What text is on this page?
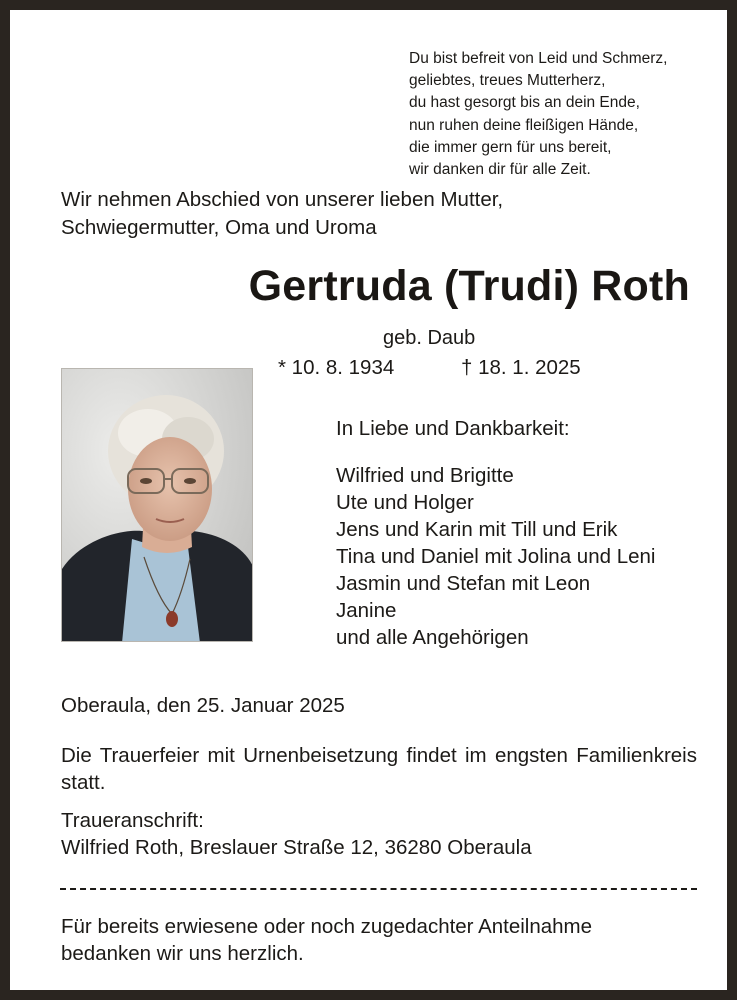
Du bist befreit von Leid und Schmerz,
geliebtes, treues Mutterherz,
du hast gesorgt bis an dein Ende,
nun ruhen deine fleißigen Hände,
die immer gern für uns bereit,
wir danken dir für alle Zeit.
Wir nehmen Abschied von unserer lieben Mutter,
Schwiegermutter, Oma und Uroma
Gertruda (Trudi) Roth
geb. Daub
* 10. 8. 1934	† 18. 1. 2025
In Liebe und Dankbarkeit:
Wilfried und Brigitte
Ute und Holger
Jens und Karin mit Till und Erik
Tina und Daniel mit Jolina und Leni
Jasmin und Stefan mit Leon
Janine
und alle Angehörigen
Oberaula, den 25. Januar 2025
Die Trauerfeier mit Urnenbeisetzung findet im engsten Familienkreis statt.
Traueranschrift:
Wilfried Roth, Breslauer Straße 12, 36280 Oberaula
Für bereits erwiesene oder noch zugedachter Anteilnahme
bedanken wir uns herzlich.
